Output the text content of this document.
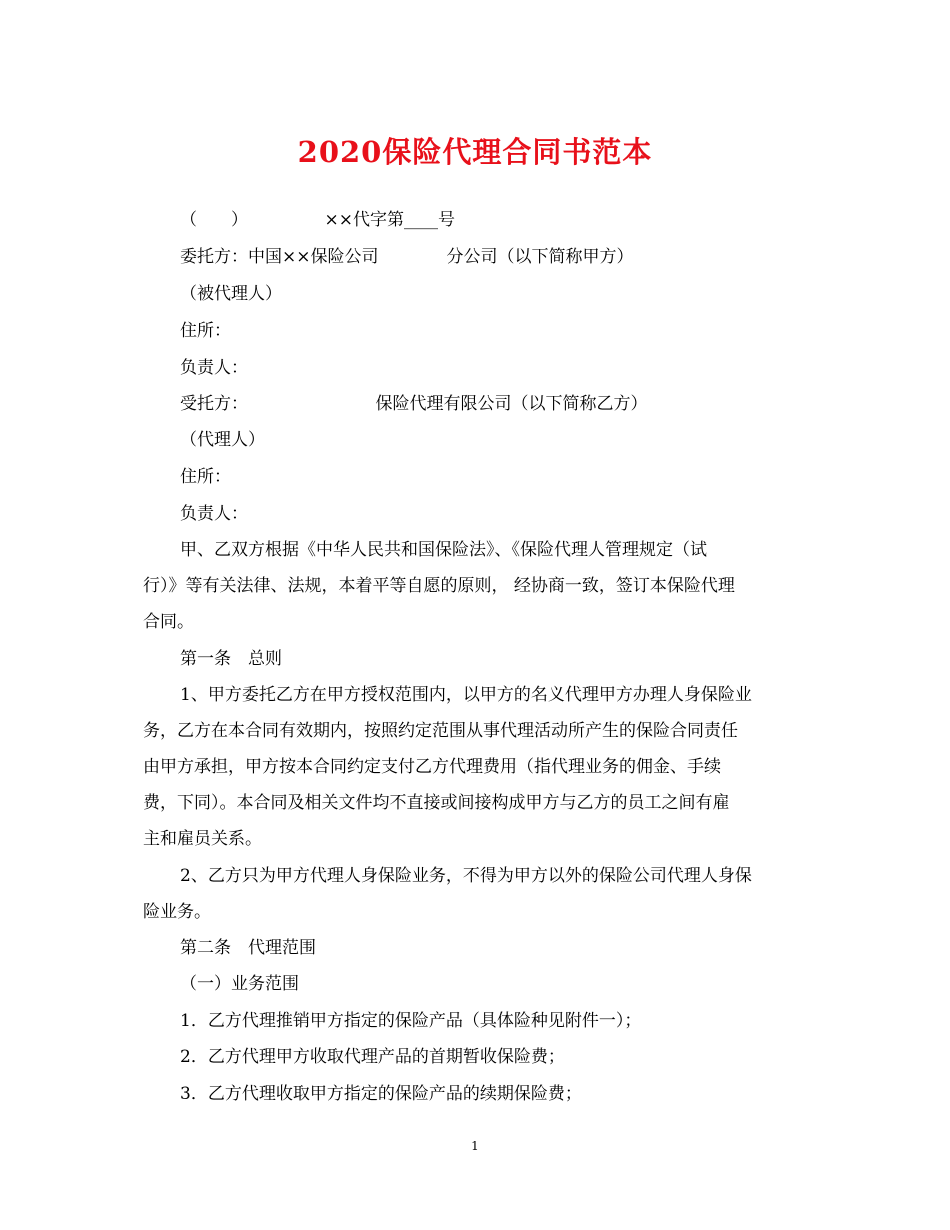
2020保险代理合同书范本
（　　）　　　　　××代字第____号
委托方：中国××保险公司　　　　分公司（以下简称甲方）
（被代理人）
住所：
负责人：
受托方：　　　　　　　　保险代理有限公司（以下简称乙方）
（代理人）
住所：
负责人：
甲、乙双方根据《中华人民共和国保险法》、《保险代理人管理规定（试
行）》等有关法律、法规，本着平等自愿的原则， 经协商一致，签订本保险代理
合同。
第一条　总则
1、甲方委托乙方在甲方授权范围内，以甲方的名义代理甲方办理人身保险业
务，乙方在本合同有效期内，按照约定范围从事代理活动所产生的保险合同责任
由甲方承担，甲方按本合同约定支付乙方代理费用（指代理业务的佣金、手续
费，下同）。本合同及相关文件均不直接或间接构成甲方与乙方的员工之间有雇
主和雇员关系。
2、乙方只为甲方代理人身保险业务，不得为甲方以外的保险公司代理人身保
险业务。
第二条　代理范围
（一）业务范围
1．乙方代理推销甲方指定的保险产品（具体险种见附件一）；
2．乙方代理甲方收取代理产品的首期暂收保险费；
3．乙方代理收取甲方指定的保险产品的续期保险费；
1
